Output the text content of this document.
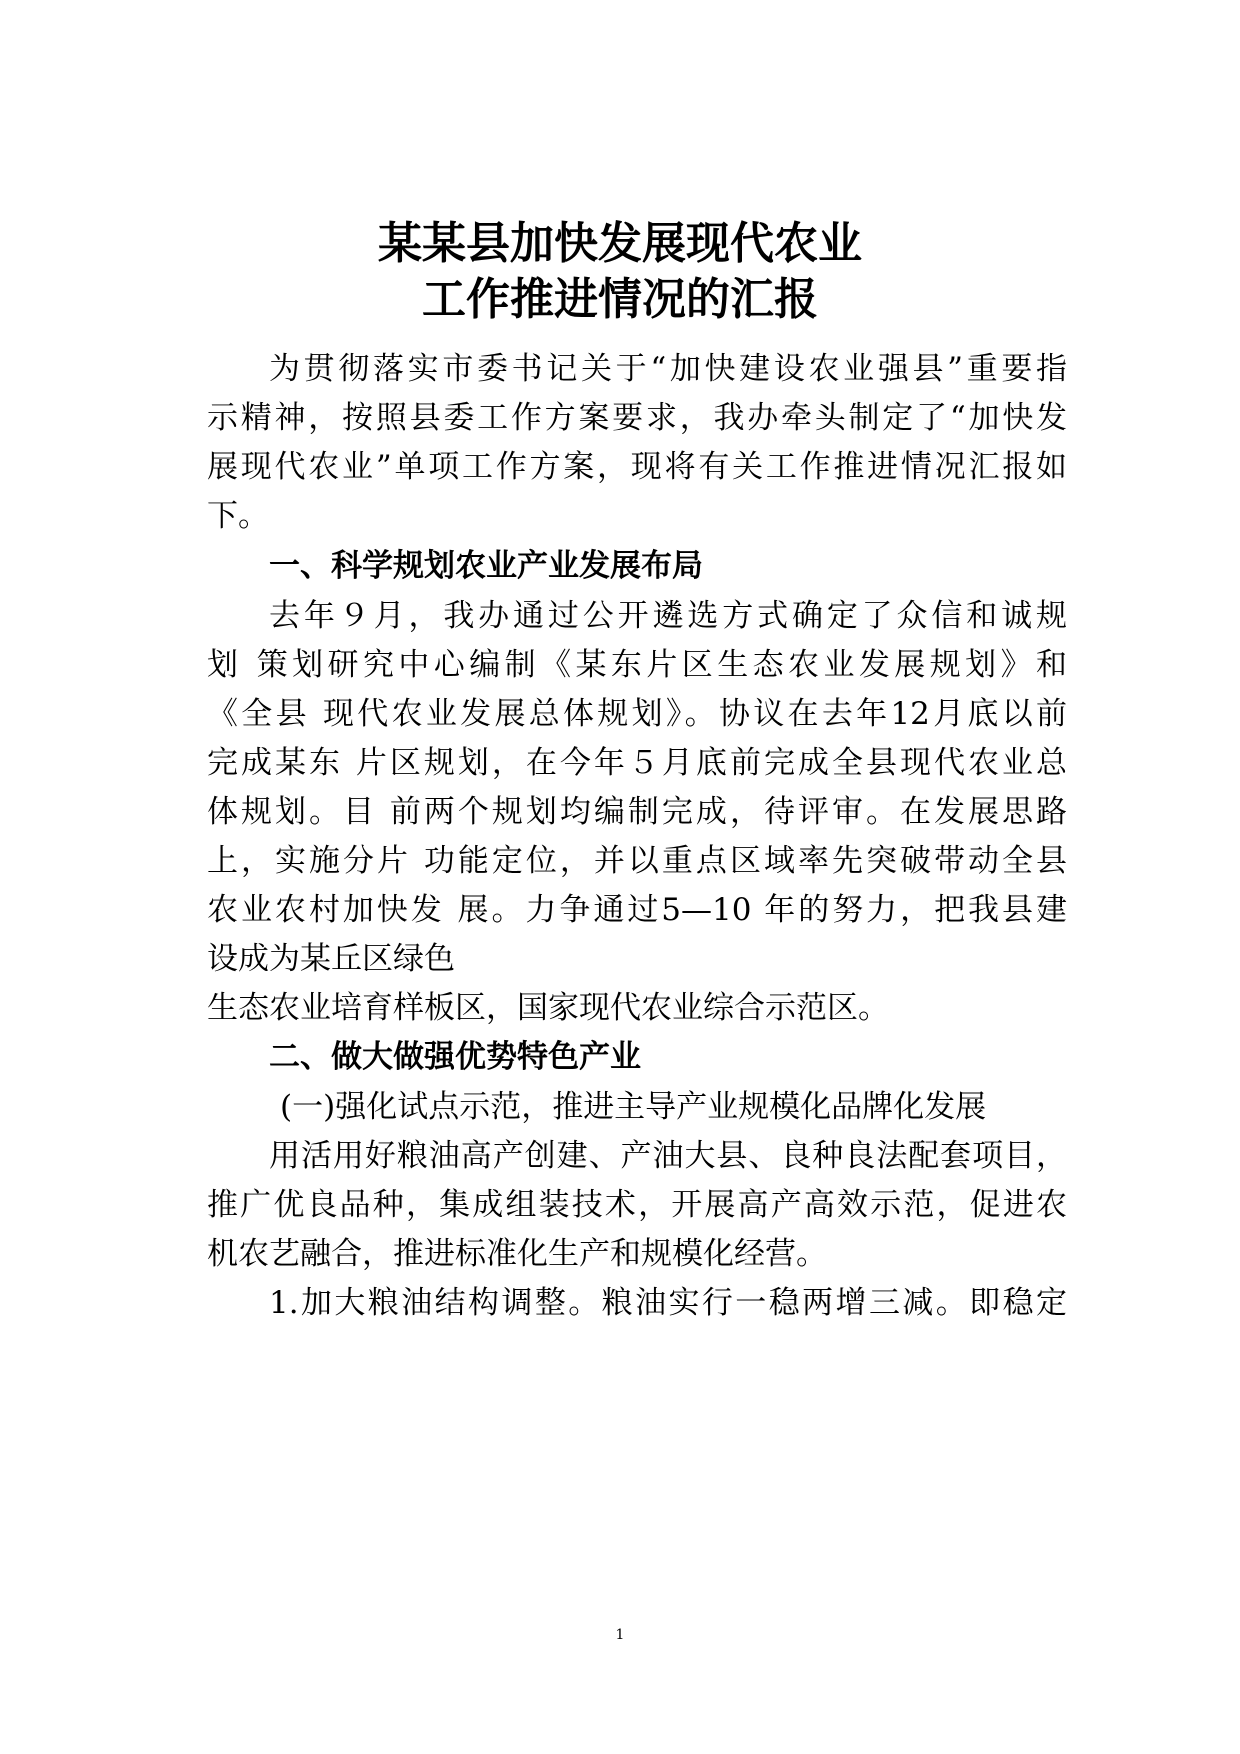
某某县加快发展现代农业
工作推进情况的汇报

为贯彻落实市委书记关于“加快建设农业强县”重要指

示精神，按照县委工作方案要求，我办牵头制定了“加快发

展现代农业”单项工作方案，现将有关工作推进情况汇报如

下。

一、科学规划农业产业发展布局

去年９月，我办通过公开遴选方式确定了众信和诚规

划 策划研究中心编制《某东片区生态农业发展规划》和

《全县 现代农业发展总体规划》。协议在去年12月底以前

完成某东 片区规划，在今年５月底前完成全县现代农业总

体规划。目 前两个规划均编制完成，待评审。在发展思路

上，实施分片 功能定位，并以重点区域率先突破带动全县

农业农村加快发 展。力争通过5—10 年的努力，把我县建

设成为某丘区绿色

生态农业培育样板区，国家现代农业综合示范区。

二、做大做强优势特色产业

(一)强化试点示范，推进主导产业规模化品牌化发展

用活用好粮油高产创建、产油大县、良种良法配套项目，

推广优良品种，集成组装技术，开展高产高效示范，促进农

机农艺融合，推进标准化生产和规模化经营。

1.加大粮油结构调整。粮油实行一稳两增三减。即稳定

1
